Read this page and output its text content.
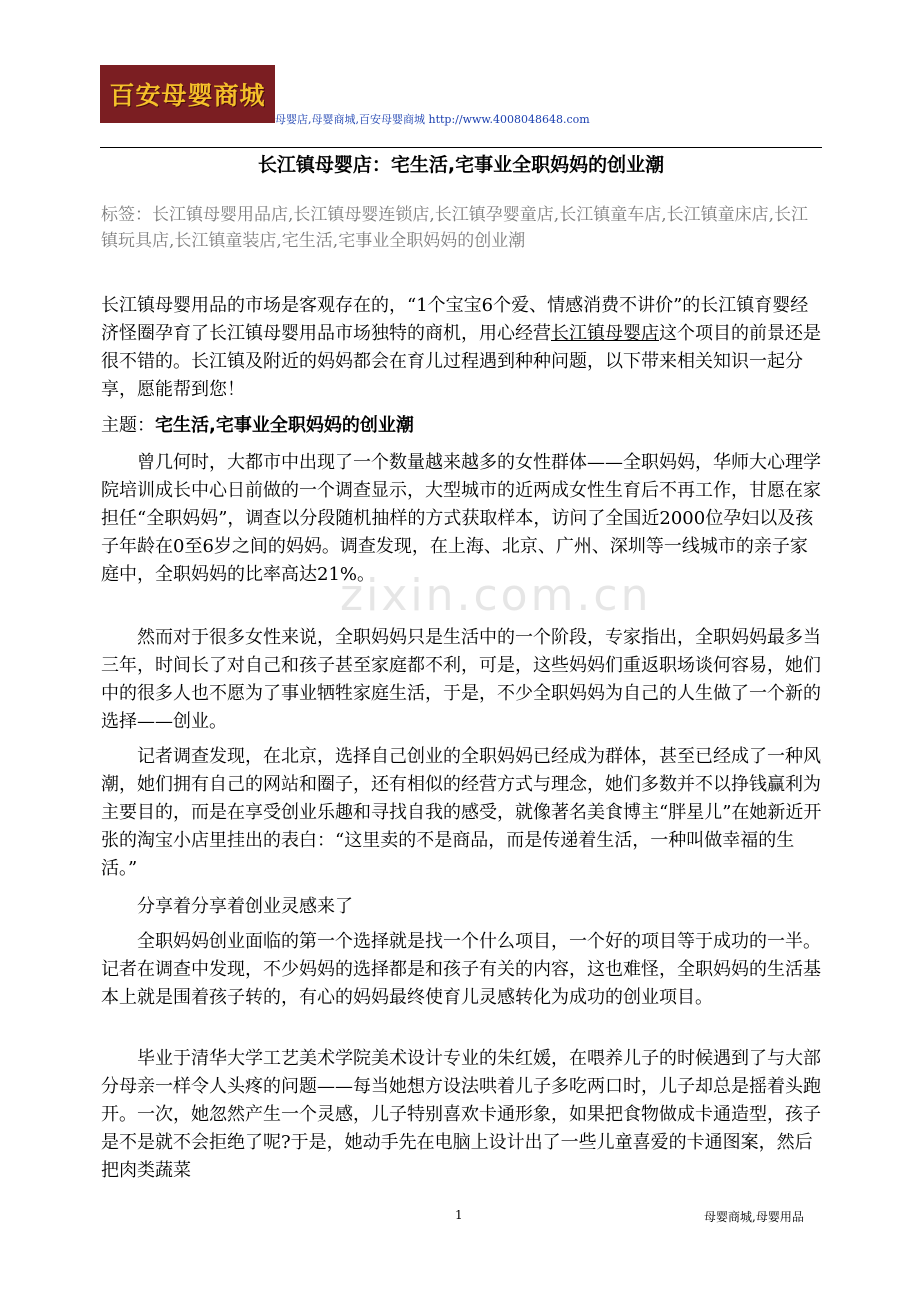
百安母婴商城
母婴店,母婴商城,百安母婴商城 http://www.4008048648.com
zixin.com.cn
长江镇母婴店：宅生活,宅事业全职妈妈的创业潮
标签：长江镇母婴用品店,长江镇母婴连锁店,长江镇孕婴童店,长江镇童车店,长江镇童床店,长江镇玩具店,长江镇童装店,宅生活,宅事业全职妈妈的创业潮
长江镇母婴用品的市场是客观存在的，“1个宝宝6个爱、情感消费不讲价”的长江镇育婴经济怪圈孕育了长江镇母婴用品市场独特的商机，用心经营长江镇母婴店这个项目的前景还是很不错的。长江镇及附近的妈妈都会在育儿过程遇到种种问题，以下带来相关知识一起分享，愿能帮到您！
主题：宅生活,宅事业全职妈妈的创业潮
曾几何时，大都市中出现了一个数量越来越多的女性群体——全职妈妈，华师大心理学院培训成长中心日前做的一个调查显示，大型城市的近两成女性生育后不再工作，甘愿在家担任“全职妈妈”，调查以分段随机抽样的方式获取样本，访问了全国近2000位孕妇以及孩子年龄在0至6岁之间的妈妈。调查发现，在上海、北京、广州、深圳等一线城市的亲子家庭中，全职妈妈的比率高达21%。
然而对于很多女性来说，全职妈妈只是生活中的一个阶段，专家指出，全职妈妈最多当三年，时间长了对自己和孩子甚至家庭都不利，可是，这些妈妈们重返职场谈何容易，她们中的很多人也不愿为了事业牺牲家庭生活，于是，不少全职妈妈为自己的人生做了一个新的选择——创业。
记者调查发现，在北京，选择自己创业的全职妈妈已经成为群体，甚至已经成了一种风潮，她们拥有自己的网站和圈子，还有相似的经营方式与理念，她们多数并不以挣钱赢利为主要目的，而是在享受创业乐趣和寻找自我的感受，就像著名美食博主“胖星儿”在她新近开张的淘宝小店里挂出的表白：“这里卖的不是商品，而是传递着生活，一种叫做幸福的生活。”
分享着分享着创业灵感来了
全职妈妈创业面临的第一个选择就是找一个什么项目，一个好的项目等于成功的一半。记者在调查中发现，不少妈妈的选择都是和孩子有关的内容，这也难怪，全职妈妈的生活基本上就是围着孩子转的，有心的妈妈最终使育儿灵感转化为成功的创业项目。
毕业于清华大学工艺美术学院美术设计专业的朱红媛，在喂养儿子的时候遇到了与大部分母亲一样令人头疼的问题——每当她想方设法哄着儿子多吃两口时，儿子却总是摇着头跑开。一次，她忽然产生一个灵感，儿子特别喜欢卡通形象，如果把食物做成卡通造型，孩子是不是就不会拒绝了呢?于是，她动手先在电脑上设计出了一些儿童喜爱的卡通图案，然后把肉类蔬菜
1	母婴商城,母婴用品
